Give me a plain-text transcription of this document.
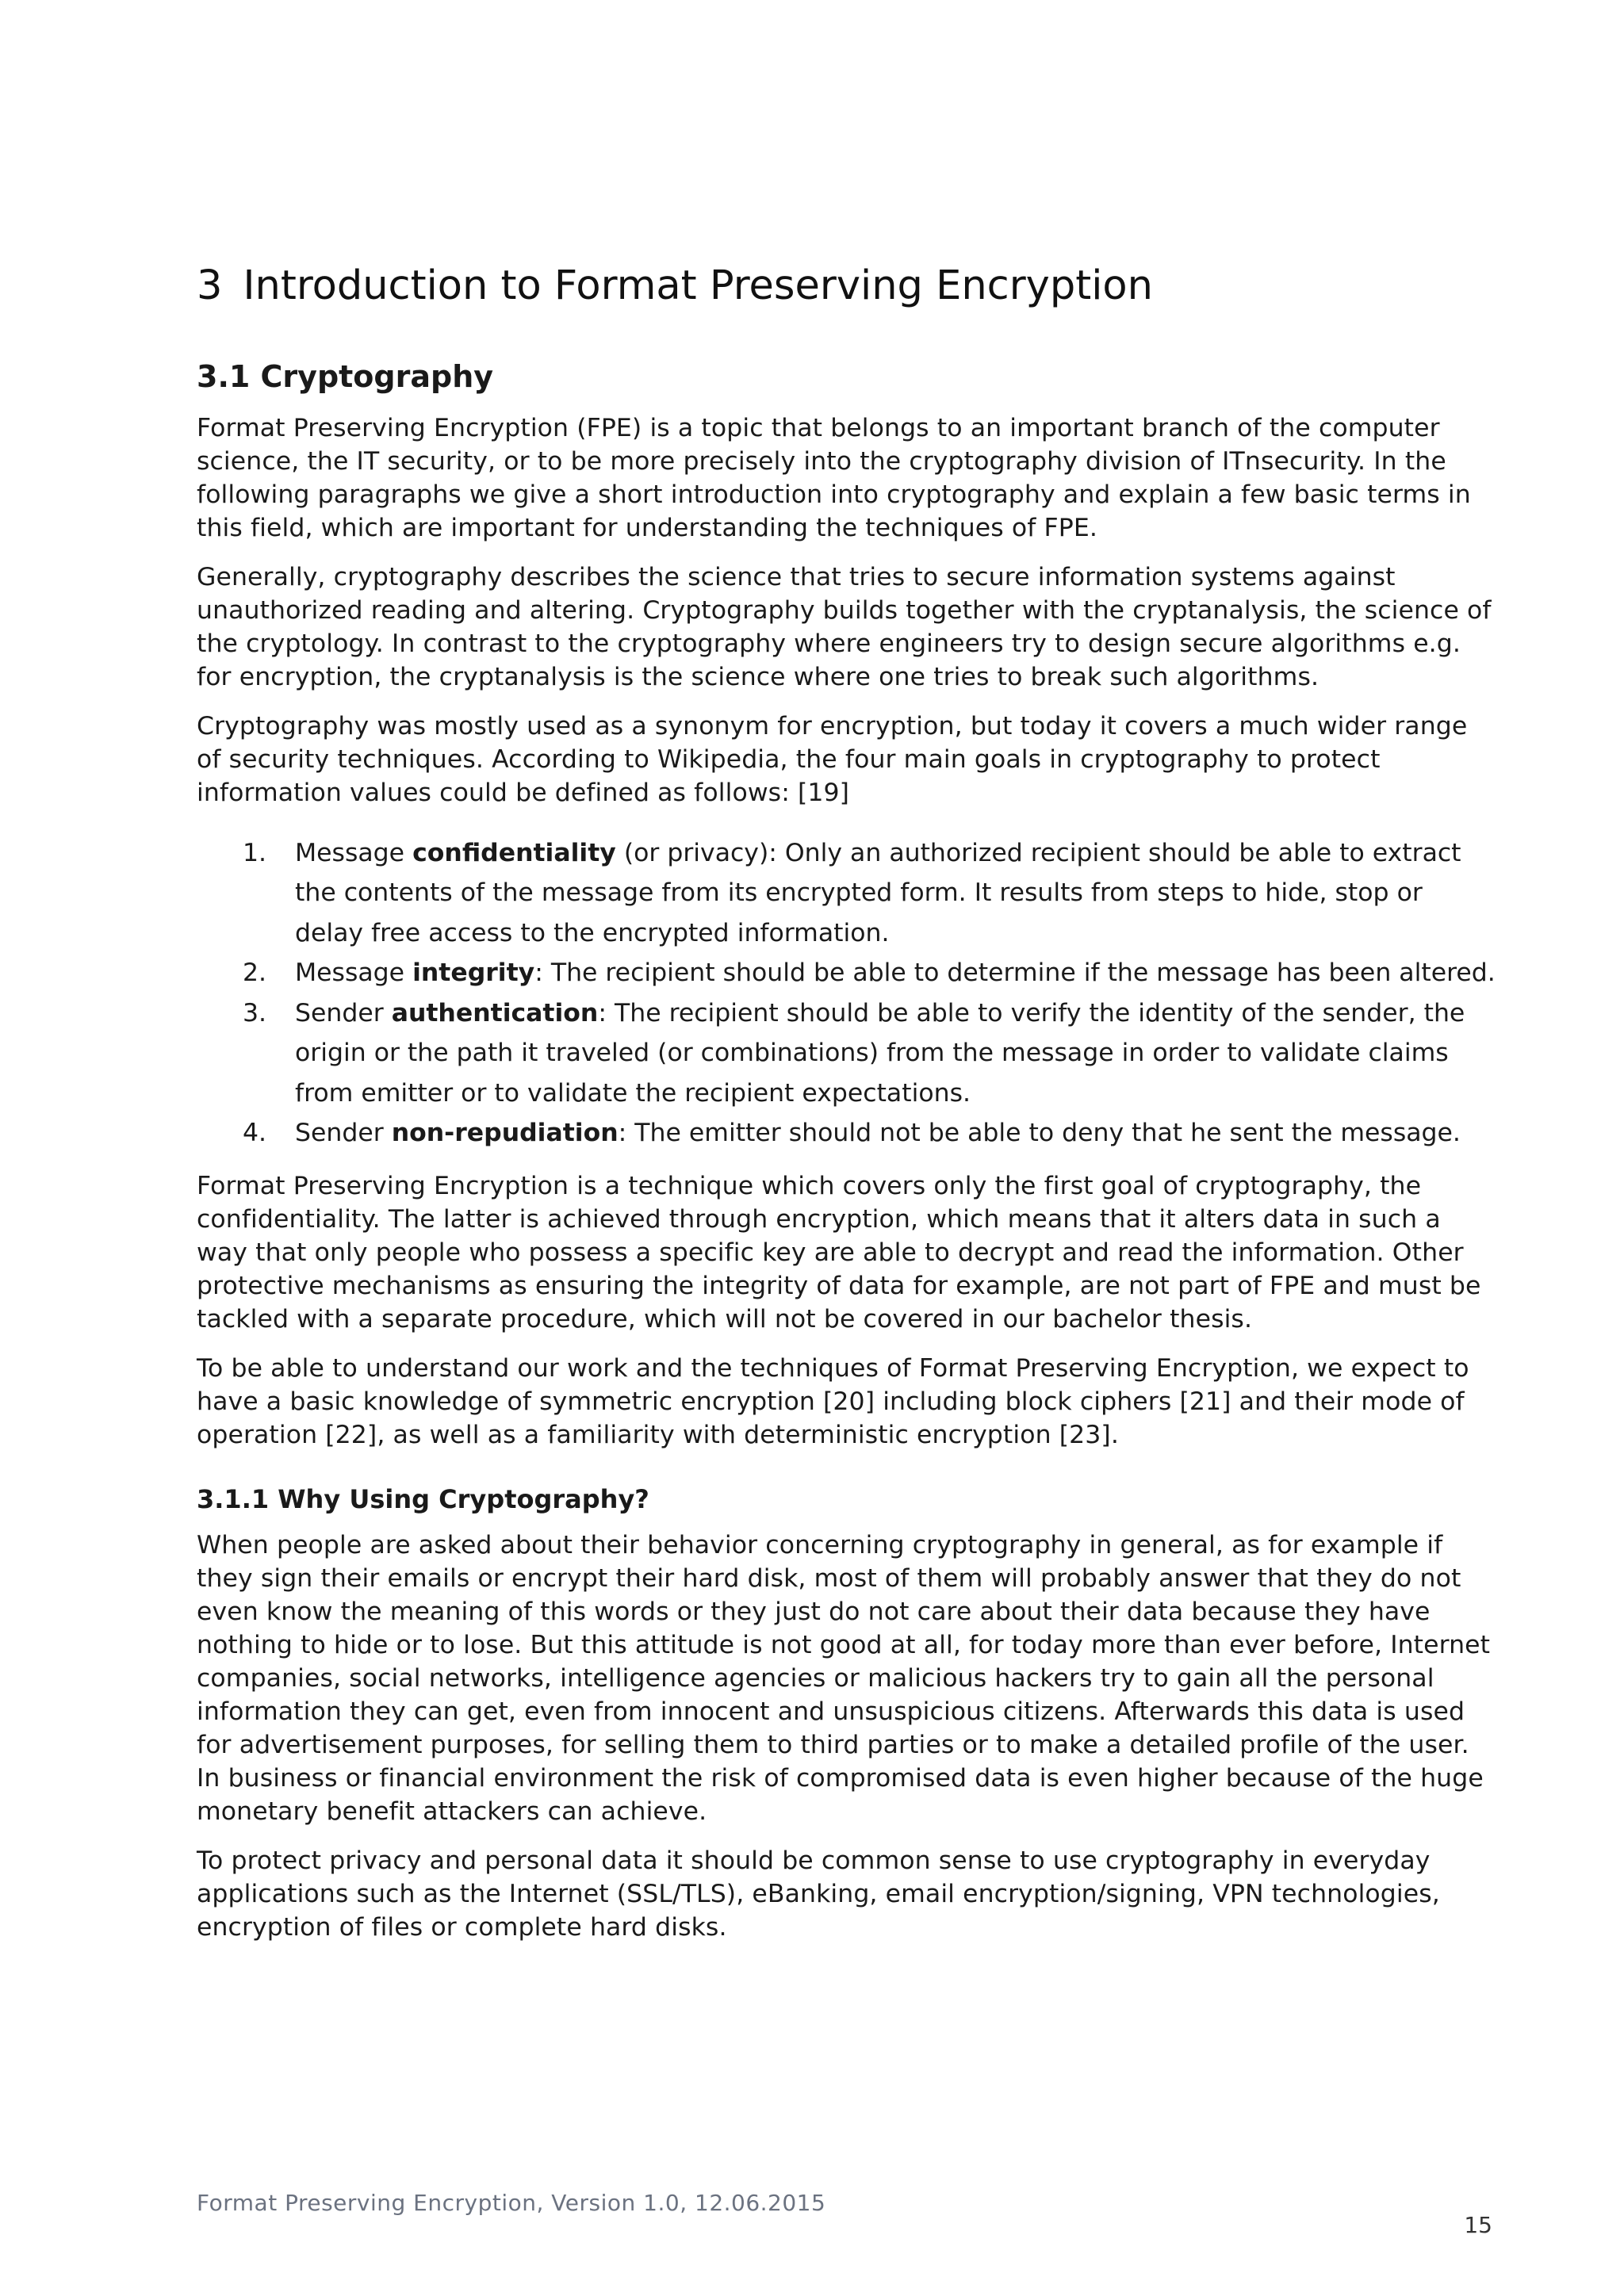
3 Introduction to Format Preserving Encryption
3.1 Cryptography

Format Preserving Encryption (FPE) is a topic that belongs to an important branch of the computer science, the IT security, or to be more precisely into the cryptography division of ITnsecurity. In the following paragraphs we give a short introduction into cryptography and explain a few basic terms in this field, which are important for understanding the techniques of FPE.

Generally, cryptography describes the science that tries to secure information systems against unauthorized reading and altering. Cryptography builds together with the cryptanalysis, the science of the cryptology. In contrast to the cryptography where engineers try to design secure algorithms e.g. for encryption, the cryptanalysis is the science where one tries to break such algorithms.

Cryptography was mostly used as a synonym for encryption, but today it covers a much wider range of security techniques. According to Wikipedia, the four main goals in cryptography to protect information values could be defined as follows: [19]

1. Message confidentiality (or privacy): Only an authorized recipient should be able to extract the contents of the message from its encrypted form. It results from steps to hide, stop or delay free access to the encrypted information.
2. Message integrity: The recipient should be able to determine if the message has been altered.
3. Sender authentication: The recipient should be able to verify the identity of the sender, the origin or the path it traveled (or combinations) from the message in order to validate claims from emitter or to validate the recipient expectations.
4. Sender non-repudiation: The emitter should not be able to deny that he sent the message.

Format Preserving Encryption is a technique which covers only the first goal of cryptography, the confidentiality. The latter is achieved through encryption, which means that it alters data in such a way that only people who possess a specific key are able to decrypt and read the information. Other protective mechanisms as ensuring the integrity of data for example, are not part of FPE and must be tackled with a separate procedure, which will not be covered in our bachelor thesis.

To be able to understand our work and the techniques of Format Preserving Encryption, we expect to have a basic knowledge of symmetric encryption [20] including block ciphers [21] and their mode of operation [22], as well as a familiarity with deterministic encryption [23].

3.1.1 Why Using Cryptography?

When people are asked about their behavior concerning cryptography in general, as for example if they sign their emails or encrypt their hard disk, most of them will probably answer that they do not even know the meaning of this words or they just do not care about their data because they have nothing to hide or to lose. But this attitude is not good at all, for today more than ever before, Internet companies, social networks, intelligence agencies or malicious hackers try to gain all the personal information they can get, even from innocent and unsuspicious citizens. Afterwards this data is used for advertisement purposes, for selling them to third parties or to make a detailed profile of the user. In business or financial environment the risk of compromised data is even higher because of the huge monetary benefit attackers can achieve.

To protect privacy and personal data it should be common sense to use cryptography in everyday applications such as the Internet (SSL/TLS), eBanking, email encryption/signing, VPN technologies, encryption of files or complete hard disks.

Format Preserving Encryption, Version 1.0, 12.06.2015
15
